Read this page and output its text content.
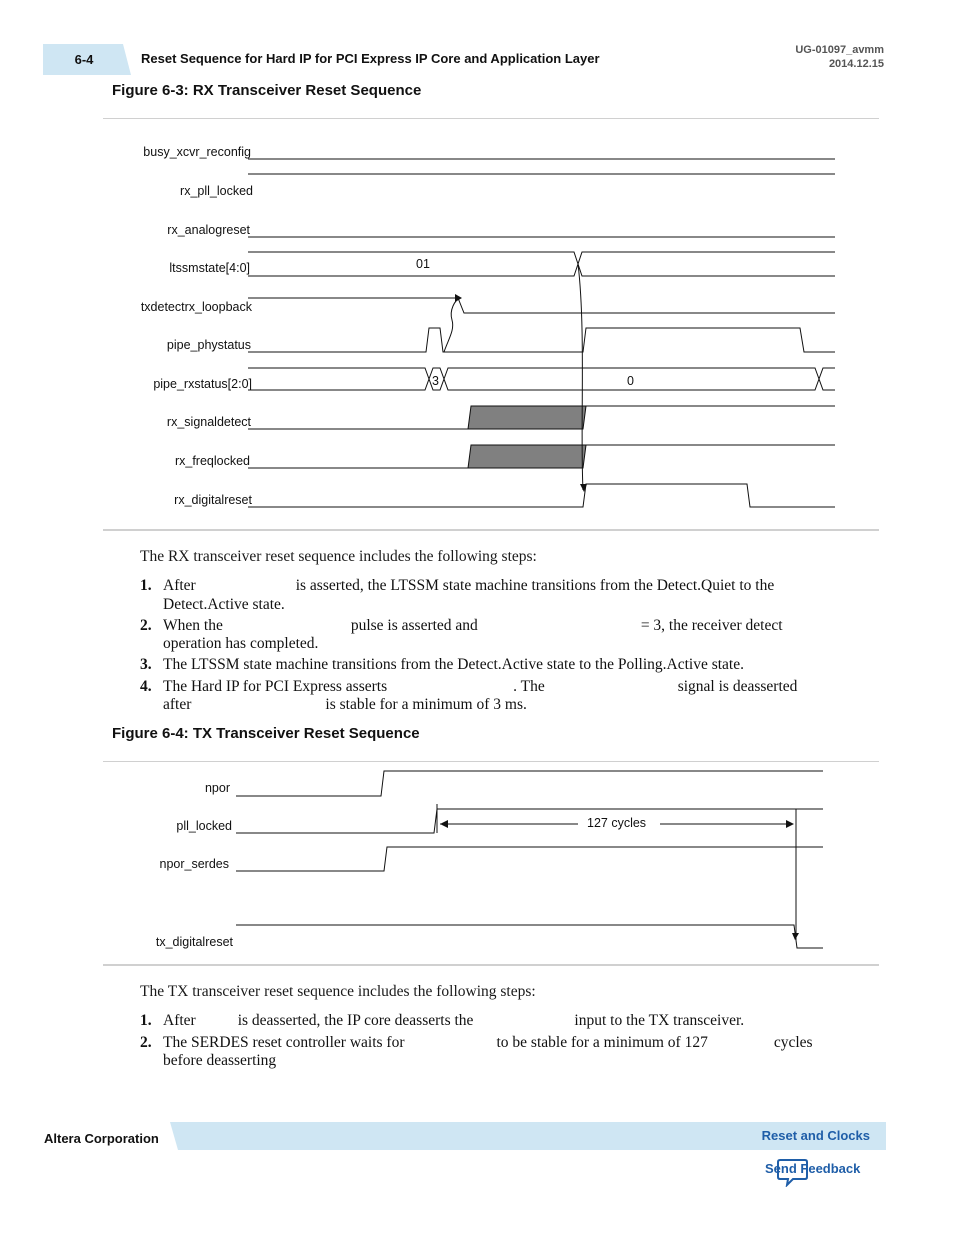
6-4	Reset Sequence for Hard IP for PCI Express IP Core and Application Layer
UG-01097_avmm
2014.12.15
Figure 6-3: RX Transceiver Reset Sequence
busy_xcvr_reconfig
rx_pll_locked
rx_analogreset
ltssmstate[4:0]
txdetectrx_loopback
pipe_phystatus
pipe_rxstatus[2:0]
rx_signaldetect
rx_freqlocked
rx_digitalreset
01
3	0
The RX transceiver reset sequence includes the following steps:
1. After	is asserted, the LTSSM state machine transitions from the Detect.Quiet to the
Detect.Active state.
2. When the	pulse is asserted and	= 3, the receiver detect
operation has completed.
3. The LTSSM state machine transitions from the Detect.Active state to the Polling.Active state.
4. The Hard IP for PCI Express asserts	. The	signal is deasserted
after	is stable for a minimum of 3 ms.
Figure 6-4: TX Transceiver Reset Sequence
npor
pll_locked
npor_serdes
tx_digitalreset
127 cycles
The TX transceiver reset sequence includes the following steps:
1. After	is deasserted, the IP core deasserts the	input to the TX transceiver.
2. The SERDES reset controller waits for	to be stable for a minimum of 127	cycles
before deasserting
Altera Corporation	Reset and Clocks
Send Feedback
